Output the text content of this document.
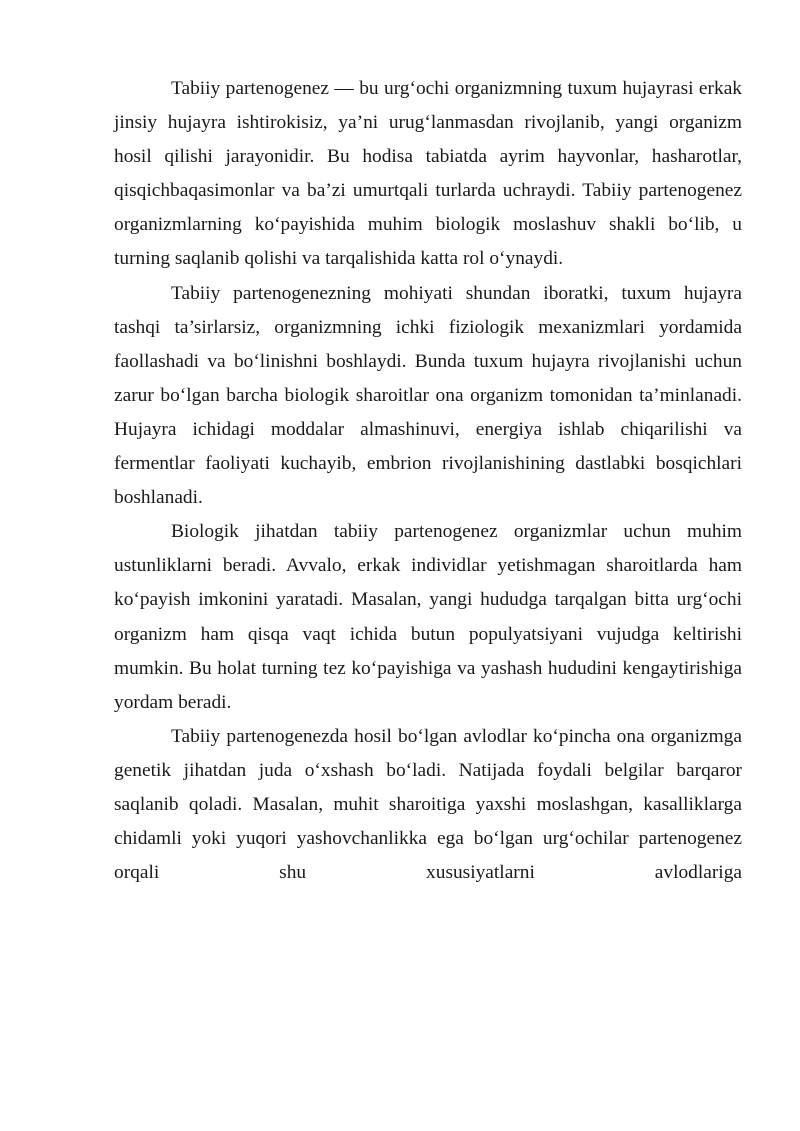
Tabiiy partenogenez — bu urg‘ochi organizmning tuxum hujayrasi erkak jinsiy hujayra ishtirokisiz, ya’ni urug‘lanmasdan rivojlanib, yangi organizm hosil qilishi jarayonidir. Bu hodisa tabiatda ayrim hayvonlar, hasharotlar, qisqichbaqasimonlar va ba’zi umurtqali turlarda uchraydi. Tabiiy partenogenez organizmlarning ko‘payishida muhim biologik moslashuv shakli bo‘lib, u turning saqlanib qolishi va tarqalishida katta rol o‘ynaydi.

Tabiiy partenogenezning mohiyati shundan iboratki, tuxum hujayra tashqi ta’sirlarsiz, organizmning ichki fiziologik mexanizmlari yordamida faollashadi va bo‘linishni boshlaydi. Bunda tuxum hujayra rivojlanishi uchun zarur bo‘lgan barcha biologik sharoitlar ona organizm tomonidan ta’minlanadi. Hujayra ichidagi moddalar almashinuvi, energiya ishlab chiqarilishi va fermentlar faoliyati kuchayib, embrion rivojlanishining dastlabki bosqichlari boshlanadi.

Biologik jihatdan tabiiy partenogenez organizmlar uchun muhim ustunliklarni beradi. Avvalo, erkak individlar yetishmagan sharoitlarda ham ko‘payish imkonini yaratadi. Masalan, yangi hududga tarqalgan bitta urg‘ochi organizm ham qisqa vaqt ichida butun populyatsiyani vujudga keltirishi mumkin. Bu holat turning tez ko‘payishiga va yashash hududini kengaytirishiga yordam beradi.

Tabiiy partenogenezda hosil bo‘lgan avlodlar ko‘pincha ona organizmga genetik jihatdan juda o‘xshash bo‘ladi. Natijada foydali belgilar barqaror saqlanib qoladi. Masalan, muhit sharoitiga yaxshi moslashgan, kasalliklarga chidamli yoki yuqori yashovchanlikka ega bo‘lgan urg‘ochilar partenogenez orqali shu xususiyatlarni avlodlariga
